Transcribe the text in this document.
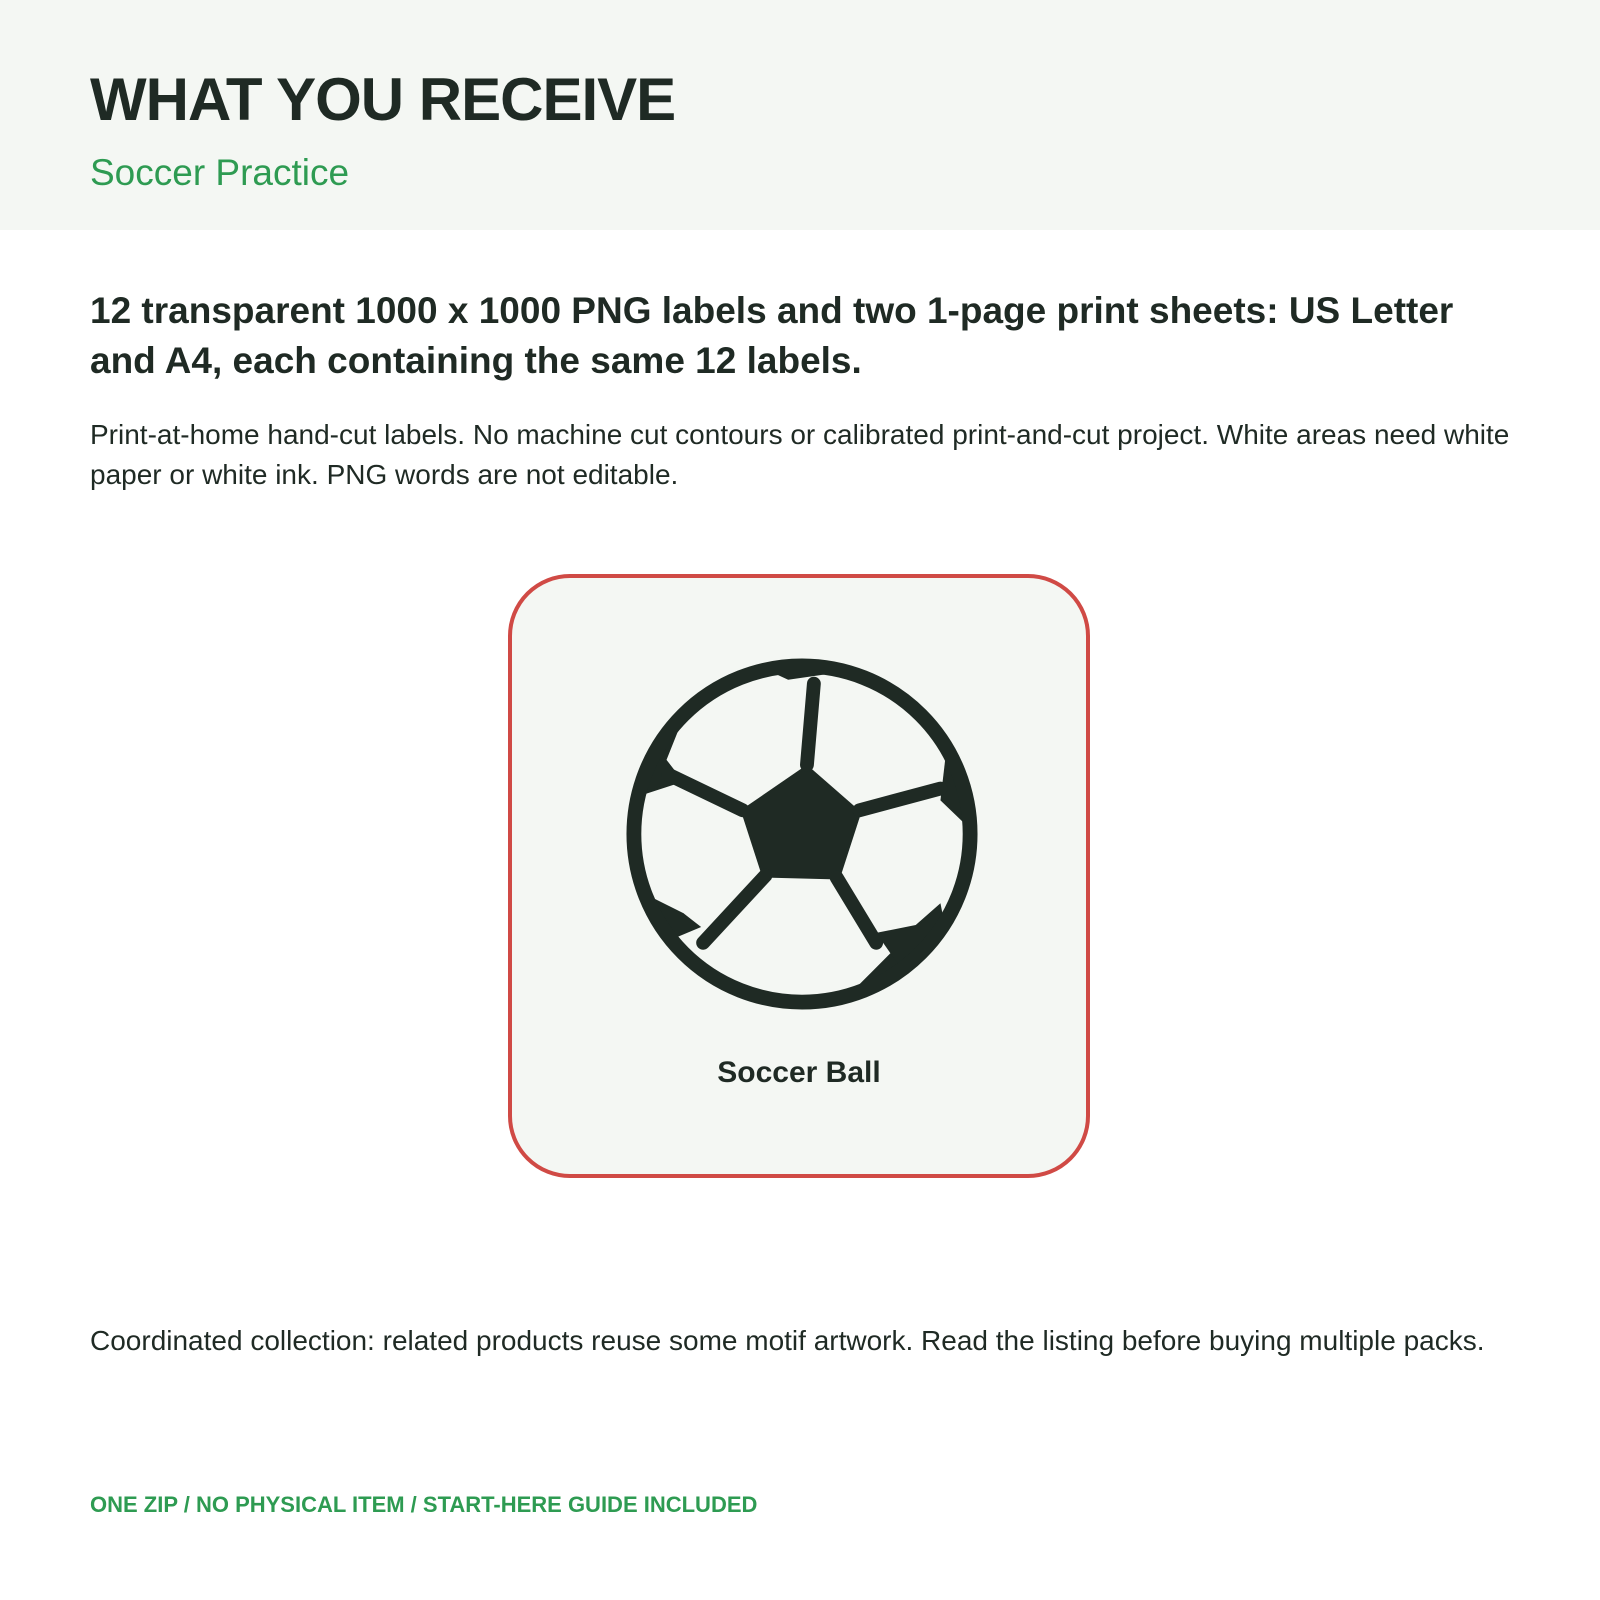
WHAT YOU RECEIVE

Soccer Practice

12 transparent 1000 x 1000 PNG labels and two 1-page print sheets: US Letter and A4, each containing the same 12 labels.

Print-at-home hand-cut labels. No machine cut contours or calibrated print-and-cut project. White areas need white paper or white ink. PNG words are not editable.

Soccer Ball

Coordinated collection: related products reuse some motif artwork. Read the listing before buying multiple packs.

ONE ZIP / NO PHYSICAL ITEM / START-HERE GUIDE INCLUDED
